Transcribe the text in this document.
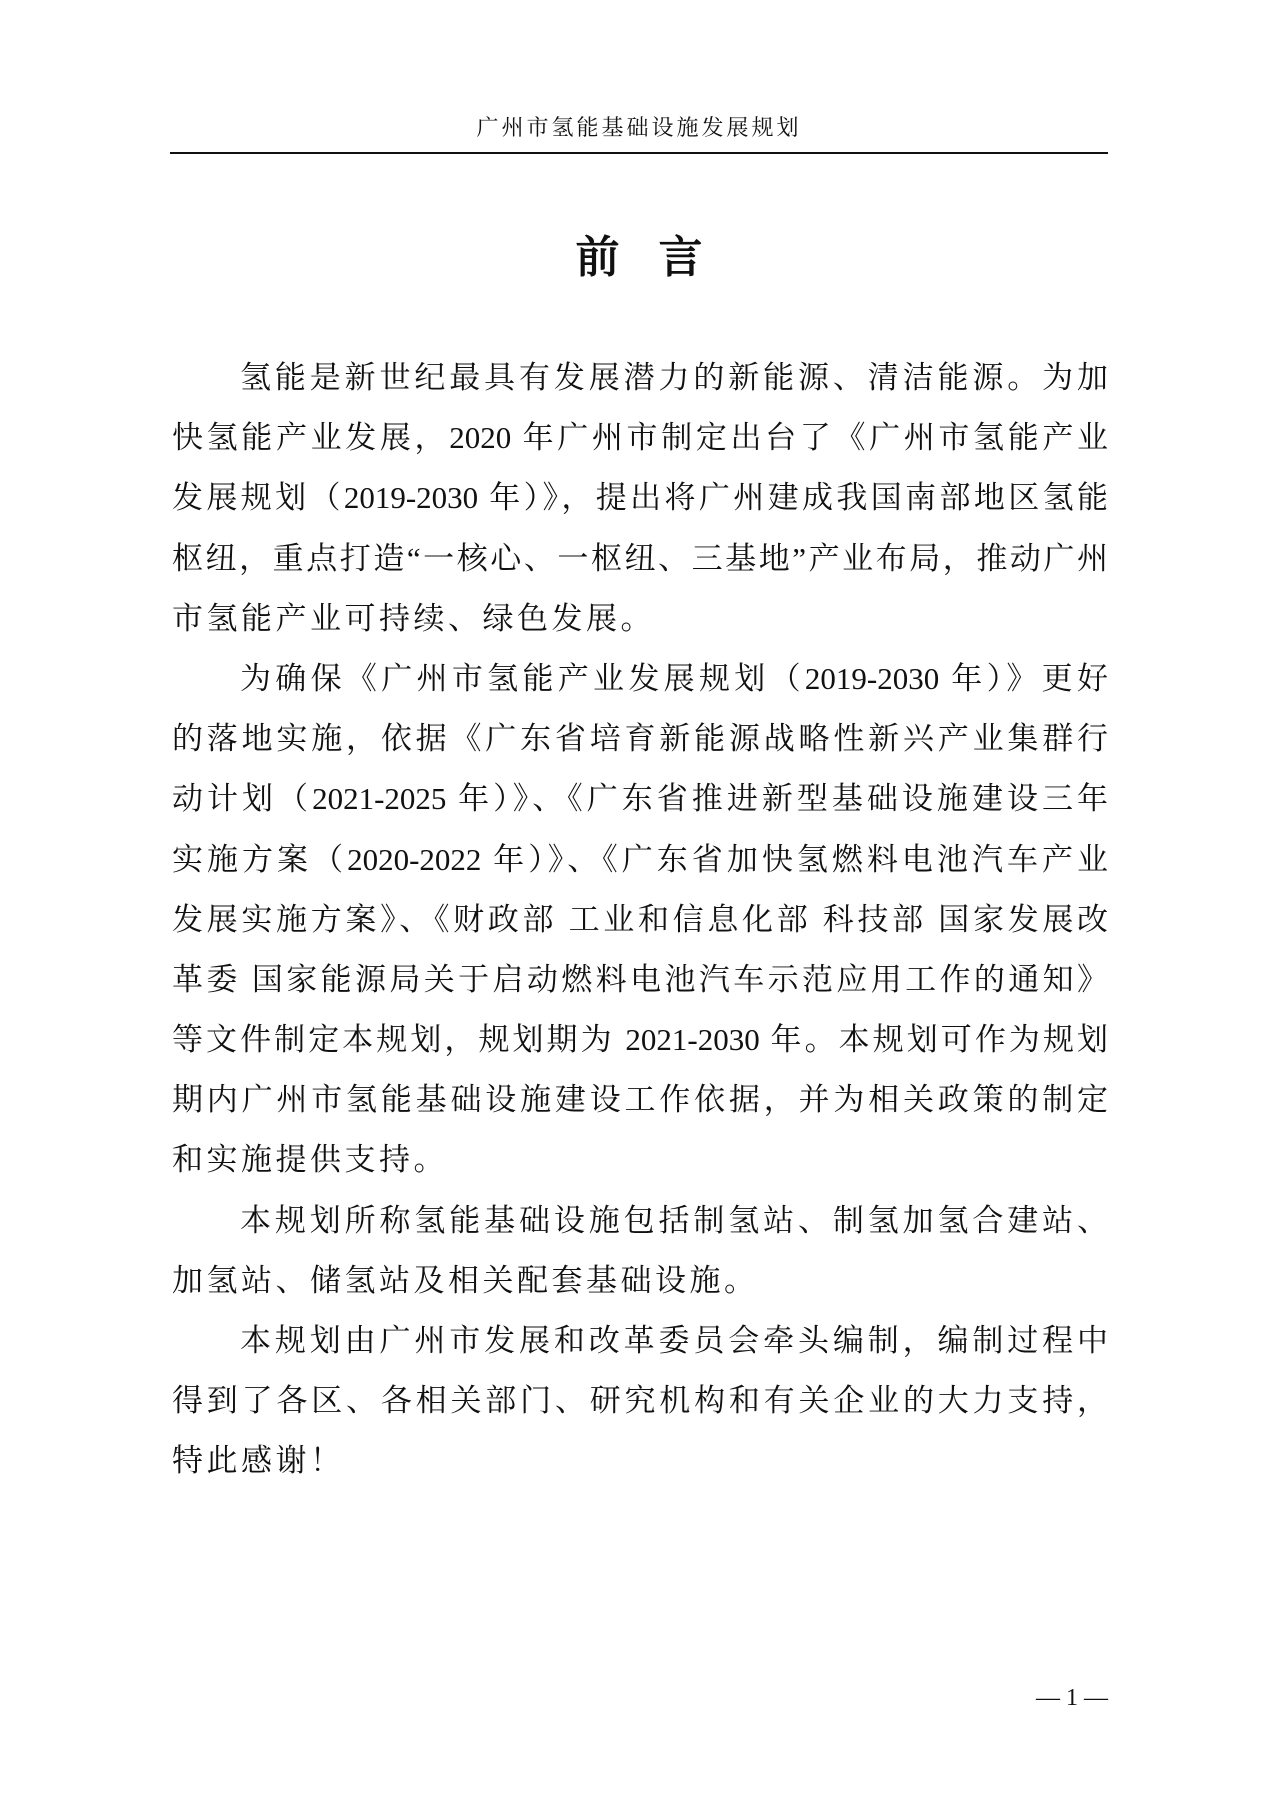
广州市氢能基础设施发展规划
前 言
氢能是新世纪最具有发展潜力的新能源、清洁能源。为加
快氢能产业发展，2020 年广州市制定出台了《广州市氢能产业
发展规划（2019-2030 年）》，提出将广州建成我国南部地区氢能
枢纽，重点打造“一核心、一枢纽、三基地”产业布局，推动广州
市氢能产业可持续、绿色发展。
为确保《广州市氢能产业发展规划（2019-2030 年）》更好
的落地实施，依据《广东省培育新能源战略性新兴产业集群行
动计划（2021-2025 年）》、《广东省推进新型基础设施建设三年
实施方案（2020-2022 年）》、《广东省加快氢燃料电池汽车产业
发展实施方案》、《财政部 工业和信息化部 科技部 国家发展改
革委 国家能源局关于启动燃料电池汽车示范应用工作的通知》
等文件制定本规划，规划期为 2021-2030 年。本规划可作为规划
期内广州市氢能基础设施建设工作依据，并为相关政策的制定
和实施提供支持。
本规划所称氢能基础设施包括制氢站、制氢加氢合建站、
加氢站、储氢站及相关配套基础设施。
本规划由广州市发展和改革委员会牵头编制，编制过程中
得到了各区、各相关部门、研究机构和有关企业的大力支持，
特此感谢！
— 1 —
